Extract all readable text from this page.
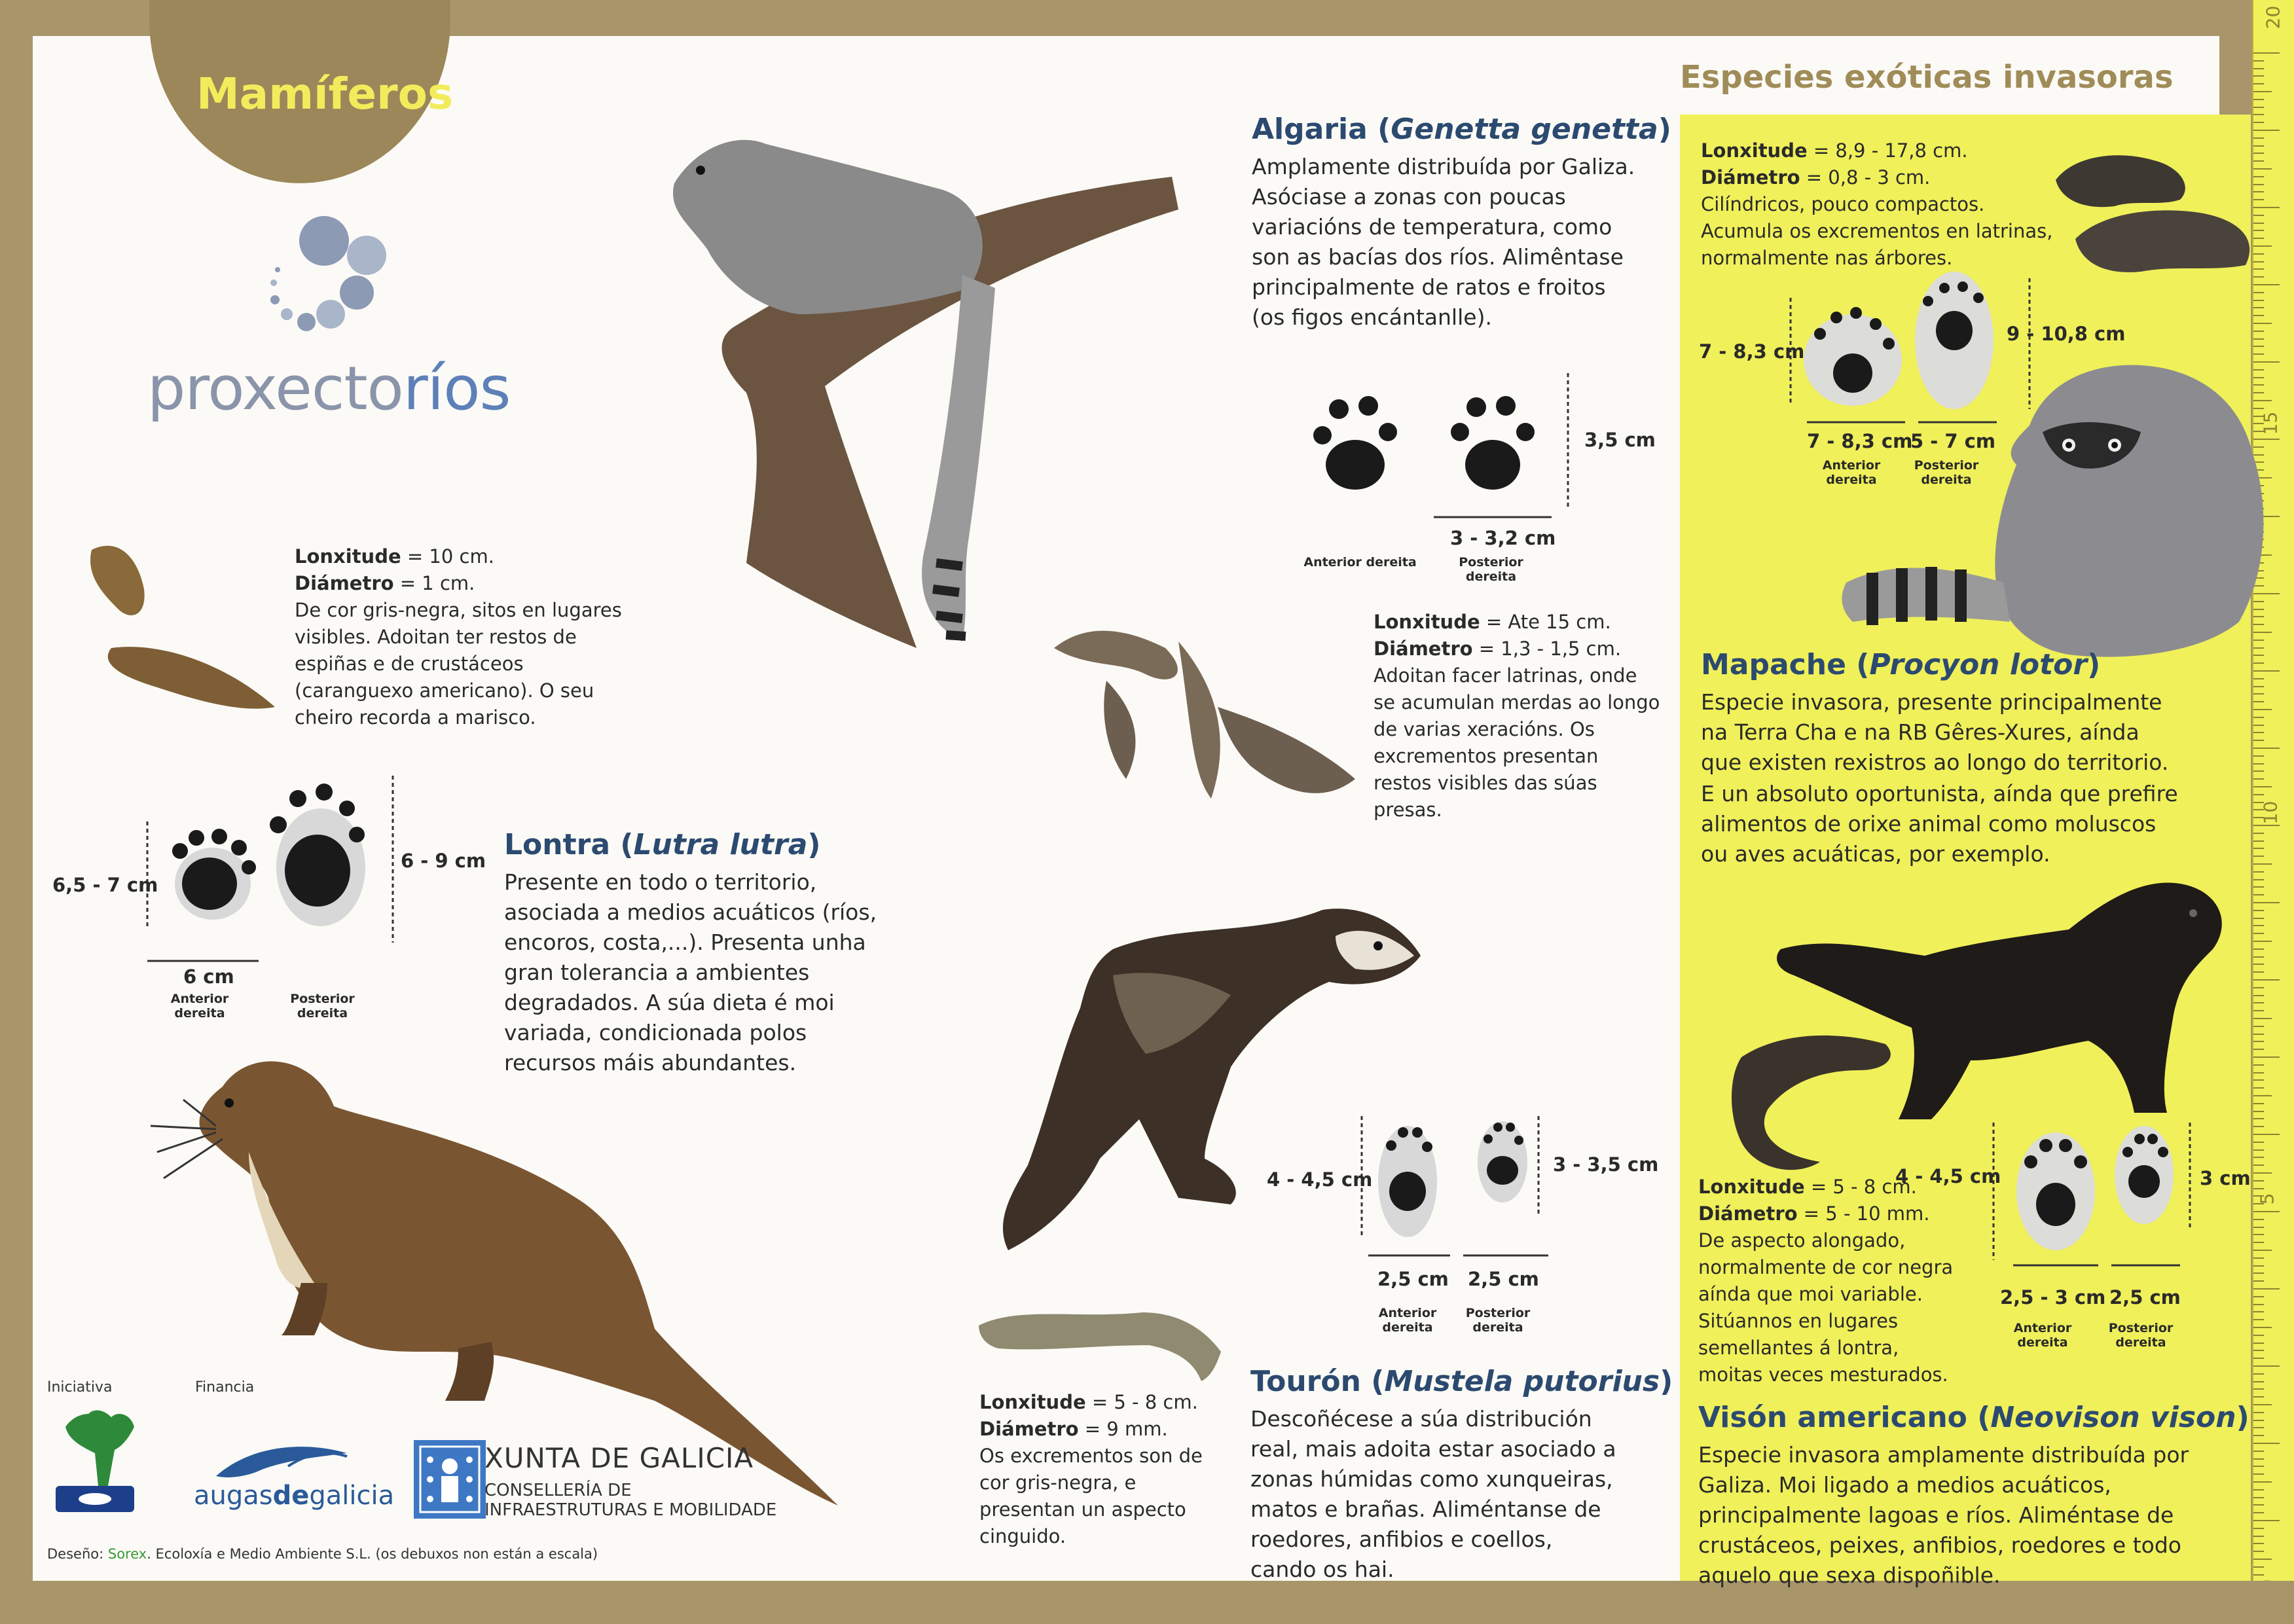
20
15
10
5
Mamíferos
proxectoríos

Lonxitude = 10 cm.
Diámetro = 1 cm.
De cor gris-negra, sitos en lugares visibles. Adoitan ter restos de espiñas e de crustáceos (caranguexo americano). O seu cheiro recorda a marisco.

6,5 - 7 cm
6 - 9 cm
6 cm
Anterior dereita
Posterior dereita
Lontra (Lutra lutra)

Presente en todo o territorio, asociada a medios acuáticos (ríos, encoros, costa,...). Presenta unha gran tolerancia a ambientes degradados. A súa dieta é moi variada, condicionada polos recursos máis abundantes.

Algaria (Genetta genetta)

Amplamente distribuída por Galiza. Asóciase a zonas con poucas variacións de temperatura, como son as bacías dos ríos. Alimêntase principalmente de ratos e froitos (os figos encántanlle).

3,5 cm
3 - 3,2 cm
Anterior dereita	Posterior dereita

Lonxitude = Ate 15 cm.
Diámetro = 1,3 - 1,5 cm.
Adoitan facer latrinas, onde se acumulan merdas ao longo de varias xeracións. Os excrementos presentan restos visibles das súas presas.

4 - 4,5 cm
3 - 3,5 cm
2,5 cm 2,5 cm
Anterior dereita
Posterior dereita

Lonxitude = 5 - 8 cm.
Diámetro = 9 mm.
Os excrementos son de cor gris-negra, e presentan un aspecto cinguido.

Tourón (Mustela putorius)

Descoñécese a súa distribución real, mais adoita estar asociado a zonas húmidas como xunqueiras, matos e brañas. Aliméntanse de roedores, anfibios e coellos, cando os hai.

Especies exóticas invasoras

Lonxitude = 8,9 - 17,8 cm.
Diámetro = 0,8 - 3 cm.
Cilíndricos, pouco compactos. Acumula os excrementos en latrinas, normalmente nas árbores.

7 - 8,3 cm
9 - 10,8 cm
7 - 8,3 cm
5 - 7 cm
Anterior dereita
Posterior dereita
Mapache (Procyon lotor)

Especie invasora, presente principalmente na Terra Cha e na RB Gêres-Xures, aínda que existen rexistros ao longo do territorio.

E un absoluto oportunista, aínda que prefire alimentos de orixe animal como moluscos ou aves acuáticas, por exemplo.

4 - 4,5 cm	3 cm
2,5 - 3 cm 2,5 cm
Anterior dereita
Posterior dereita

Lonxitude = 5 - 8 cm.
Diámetro = 5 - 10 mm.
De aspecto alongado, normalmente de cor negra aínda que moi variable. Sitúannos en lugares semellantes á lontra, moitas veces mesturados.

Visón americano (Neovison vison)

Especie invasora amplamente distribuída por Galiza. Moi ligado a medios acuáticos, principalmente lagoas e ríos. Aliméntase de crustáceos, peixes, anfibios, roedores e todo aquelo que sexa dispoñible.

Iniciativa	Financia
augasdegalicia
XUNTA DE GALICIA
CONSELLERÍA DE
INFRAESTRUTURAS E MOBILIDADE
Deseño: Sorex. Ecoloxía e Medio Ambiente S.L. (os debuxos non están a escala)
